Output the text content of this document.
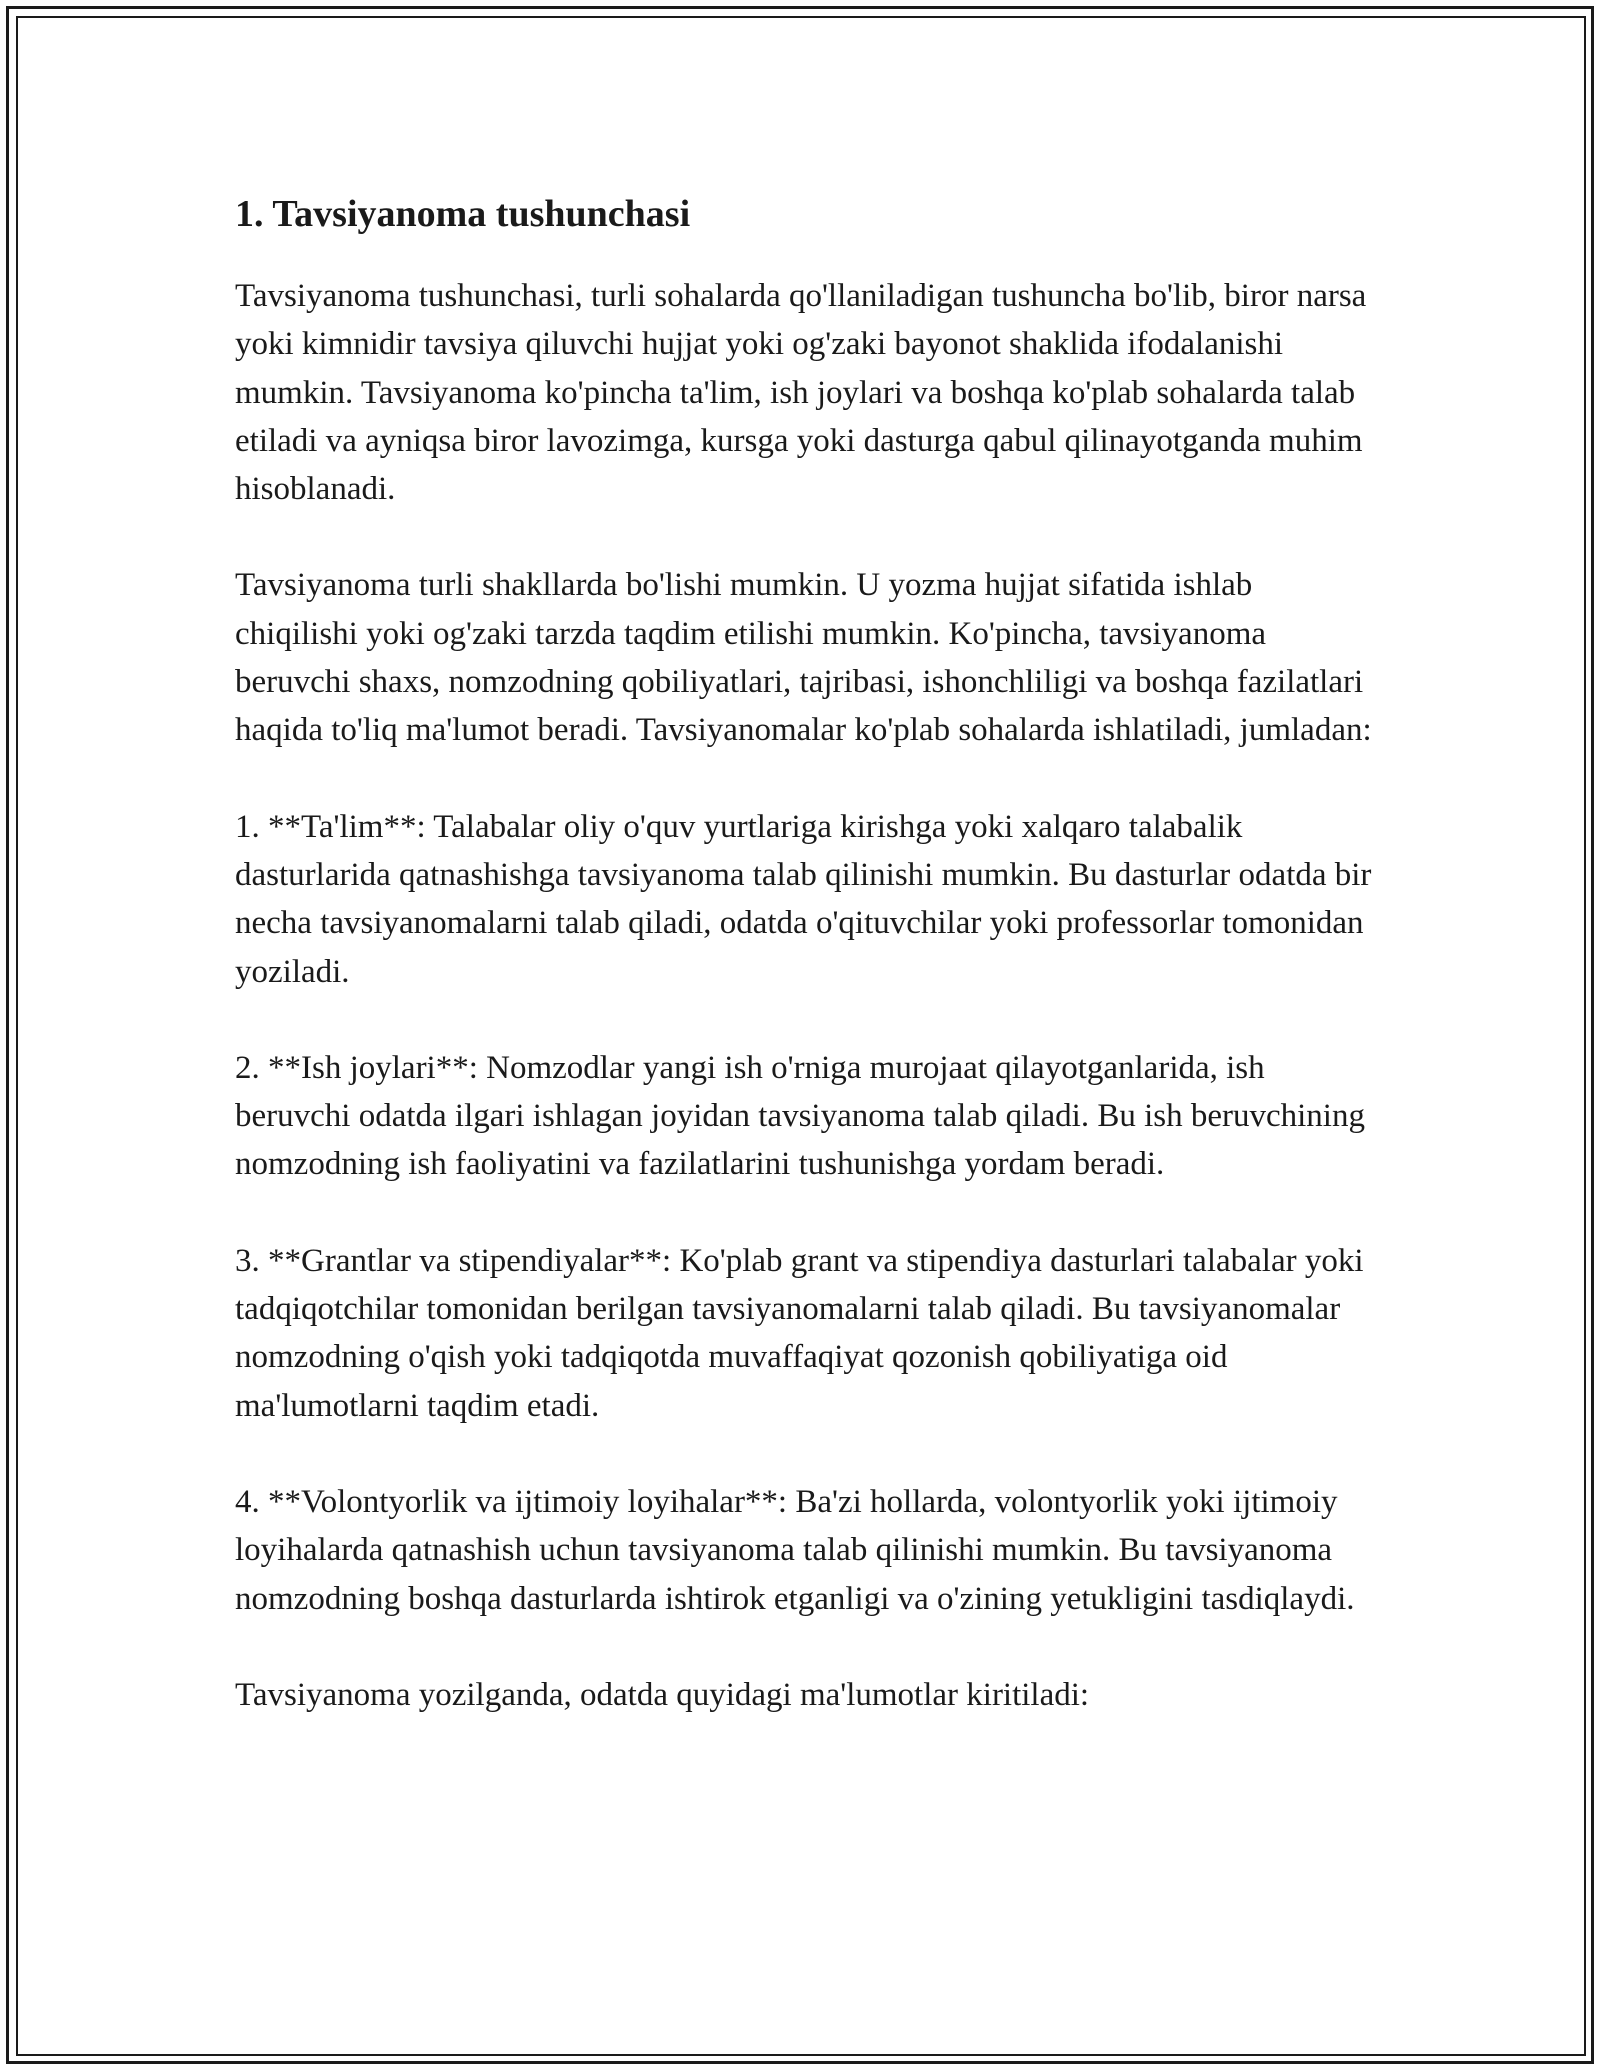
1. Tavsiyanoma tushunchasi

Tavsiyanoma tushunchasi, turli sohalarda qo'llaniladigan tushuncha bo'lib, biror narsa yoki kimnidir tavsiya qiluvchi hujjat yoki og'zaki bayonot shaklida ifodalanishi mumkin. Tavsiyanoma ko'pincha ta'lim, ish joylari va boshqa ko'plab sohalarda talab etiladi va ayniqsa biror lavozimga, kursga yoki dasturga qabul qilinayotganda muhim hisoblanadi.

Tavsiyanoma turli shakllarda bo'lishi mumkin. U yozma hujjat sifatida ishlab chiqilishi yoki og'zaki tarzda taqdim etilishi mumkin. Ko'pincha, tavsiyanoma beruvchi shaxs, nomzodning qobiliyatlari, tajribasi, ishonchliligi va boshqa fazilatlari haqida to'liq ma'lumot beradi. Tavsiyanomalar ko'plab sohalarda ishlatiladi, jumladan:

1. **Ta'lim**: Talabalar oliy o'quv yurtlariga kirishga yoki xalqaro talabalik dasturlarida qatnashishga tavsiyanoma talab qilinishi mumkin. Bu dasturlar odatda bir necha tavsiyanomalarni talab qiladi, odatda o'qituvchilar yoki professorlar tomonidan yoziladi.

2. **Ish joylari**: Nomzodlar yangi ish o'rniga murojaat qilayotganlarida, ish beruvchi odatda ilgari ishlagan joyidan tavsiyanoma talab qiladi. Bu ish beruvchining nomzodning ish faoliyatini va fazilatlarini tushunishga yordam beradi.

3. **Grantlar va stipendiyalar**: Ko'plab grant va stipendiya dasturlari talabalar yoki tadqiqotchilar tomonidan berilgan tavsiyanomalarni talab qiladi. Bu tavsiyanomalar nomzodning o'qish yoki tadqiqotda muvaffaqiyat qozonish qobiliyatiga oid ma'lumotlarni taqdim etadi.

4. **Volontyorlik va ijtimoiy loyihalar**: Ba'zi hollarda, volontyorlik yoki ijtimoiy loyihalarda qatnashish uchun tavsiyanoma talab qilinishi mumkin. Bu tavsiyanoma nomzodning boshqa dasturlarda ishtirok etganligi va o'zining yetukligini tasdiqlaydi.

Tavsiyanoma yozilganda, odatda quyidagi ma'lumotlar kiritiladi:
